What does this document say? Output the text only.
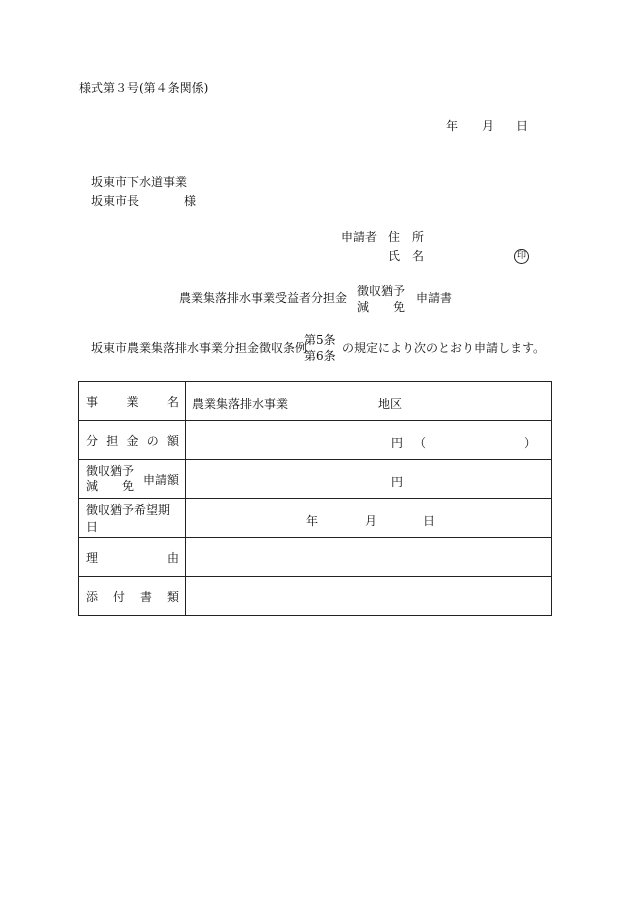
様式第３号(第４条関係)
年 月 日
坂東市下水道事業
坂東市長	様
申請者 住　所
氏　名	印
農業集落排水事業受益者分担金 徴収猶予
減 免
申請書
坂東市農業集落排水事業分担金徴収条例
第5条
第6条
の規定により次のとおり申請します。
事 業 名	農業集落排水事業 地区

分 担 金 の 額	円 （ ）

徴収猶予
減 免 申請額	円

徴収猶予希望期日	年 月 日

理 由	

添 付 書 類	
